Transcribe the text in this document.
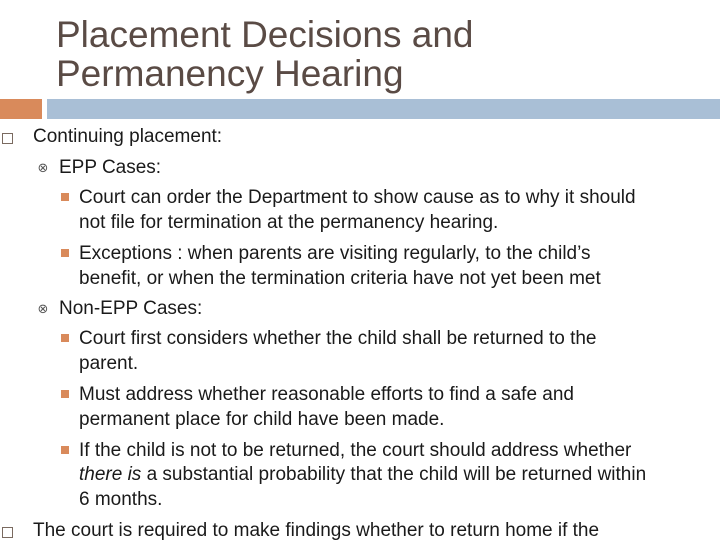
Placement Decisions and
Permanency Hearing
Continuing placement:
⊗ EPP Cases:
Court can order the Department to show cause as to why it should
not file for termination at the permanency hearing.
Exceptions : when parents are visiting regularly, to the child’s
benefit, or when the termination criteria have not yet been met
⊗ Non-EPP Cases:
Court first considers whether the child shall be returned to the
parent.
Must address whether reasonable efforts to find a safe and
permanent place for child have been made.
If the child is not to be returned, the court should address whether
there is a substantial probability that the child will be returned within
6 months.
The court is required to make findings whether to return home if the
